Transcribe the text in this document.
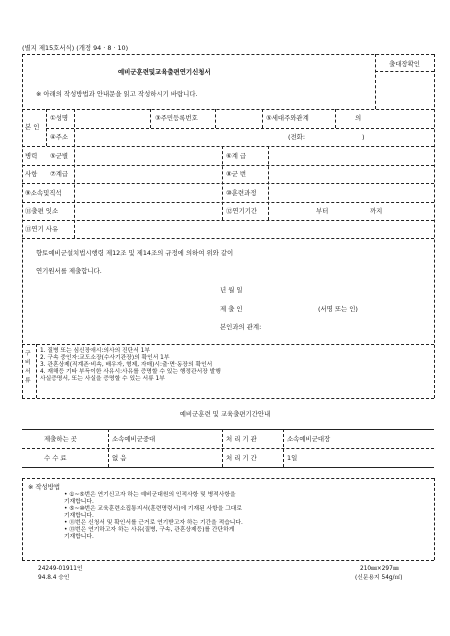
(별지 제15호서식) (개정 94 · 8 · 10)
출대장확인
예비군훈련및교육출편연기신청서
※ 아래의 작성방법과 안내문을 읽고 작성하시기 바랍니다.
본 인
①성명	③주민등록번호	⑤세대주와관계	의
④주소	(전화:	)
병력 ⑤군별	⑥계 급
사항 ⑦계급	⑧군 번
⑨소속및직석	⑩훈련과정
⑪출편 잇소	⑫연기기간	부터	까지
⑬연기 사유
향토예비군설치법시행령 제12조 및 제14조의 규정에 의하여 위와 같이
연기원서를 제출합니다.
년 월 일
제 출 인	(서명 또는 인)
본인과의 관계:
구 비 서 류
1. 질병 또는 심신장애시:의사의 진단서 1부
2. 구속 중인자:교도소장(수사기관장)의 확인서 1부
3. 관혼상제(직계존·비속, 배우자, 형제, 자매)시:출·면·동장의 확인서
4. 재해등 기타 부득이한 사유시:사유를 증명할 수 있는 행정관서장 발행
사실증명서, 또는 사실을 증명할 수 있는 서류 1부
예비군훈련 및 교육출편기간안내
제출하는 곳	소속예비군중대	처 리 기 관	소속예비군대장
수 수 료	없 음	처 리 기 간	1일
※ 작성방법
• ①~⑤번은 연기신고자 하는 예비군대원의 인적사항 및 병적사항을
기재합니다.
• ⑤~⑩번은 교육훈련소집통지서(훈련명령서)에 기재된 사항을 그대로
기재합니다.
• ⑪번은 신청서 및 확인서를 근거로 연기받고자 하는 기간을 적습니다.
• ⑬번은 연기하고자 하는 사유(질병, 구속, 관혼상제등)를 간단하게
기재합니다.
24249-01911인
94.8.4 승인
210㎜×297㎜
(신문용지 54g/㎡)
